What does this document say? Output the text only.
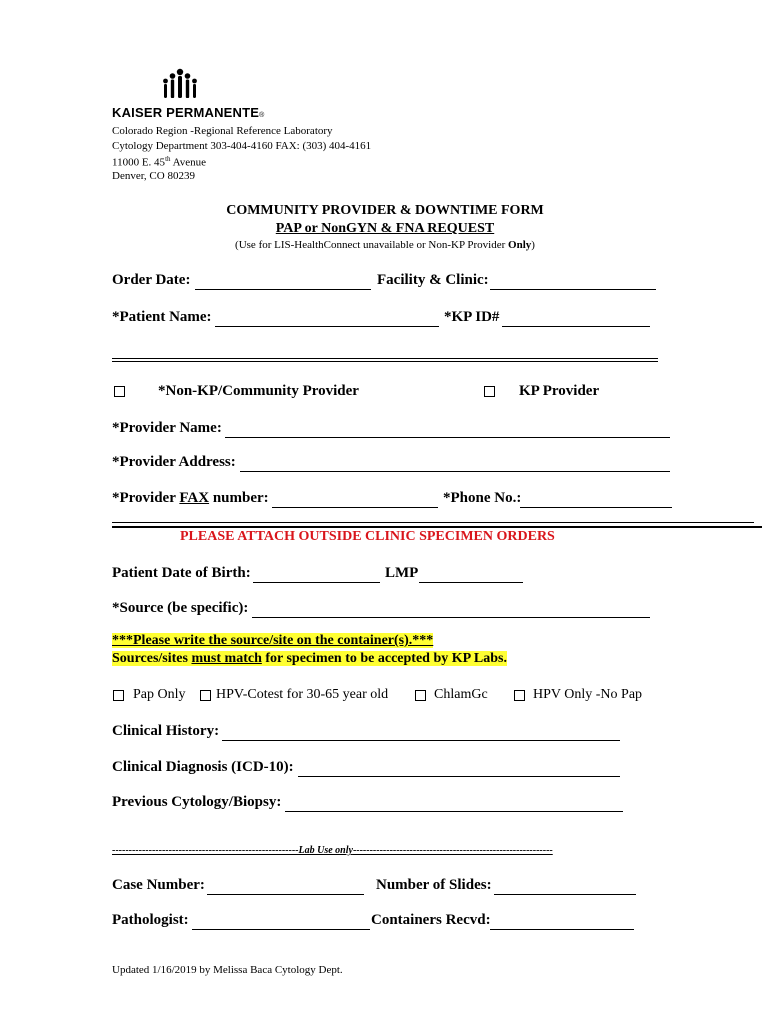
KAISER PERMANENTE®
Colorado Region -Regional Reference Laboratory
Cytology Department 303-404-4160 FAX: (303) 404-4161
11000 E. 45th Avenue
Denver, CO 80239
COMMUNITY PROVIDER & DOWNTIME FORM
PAP or NonGYN & FNA REQUEST
(Use for LIS-HealthConnect unavailable or Non-KP Provider Only)
Order Date:	Facility & Clinic:
*Patient Name:	*KP ID#
*Non-KP/Community Provider	KP Provider
*Provider Name:
*Provider Address:
*Provider FAX number:	*Phone No.:
PLEASE ATTACH OUTSIDE CLINIC SPECIMEN ORDERS
Patient Date of Birth:	LMP
*Source (be specific):
***Please write the source/site on the container(s).***
Sources/sites must match for specimen to be accepted by KP Labs.
Pap Only HPV-Cotest for 30-65 year old	ChlamGc	HPV Only -No Pap
Clinical History:
Clinical Diagnosis (ICD-10):
Previous Cytology/Biopsy:
--------------------------------------------------------Lab Use only------------------------------------------------------------
Case Number:	Number of Slides:
Pathologist:	Containers Recvd:
Updated 1/16/2019 by Melissa Baca Cytology Dept.
